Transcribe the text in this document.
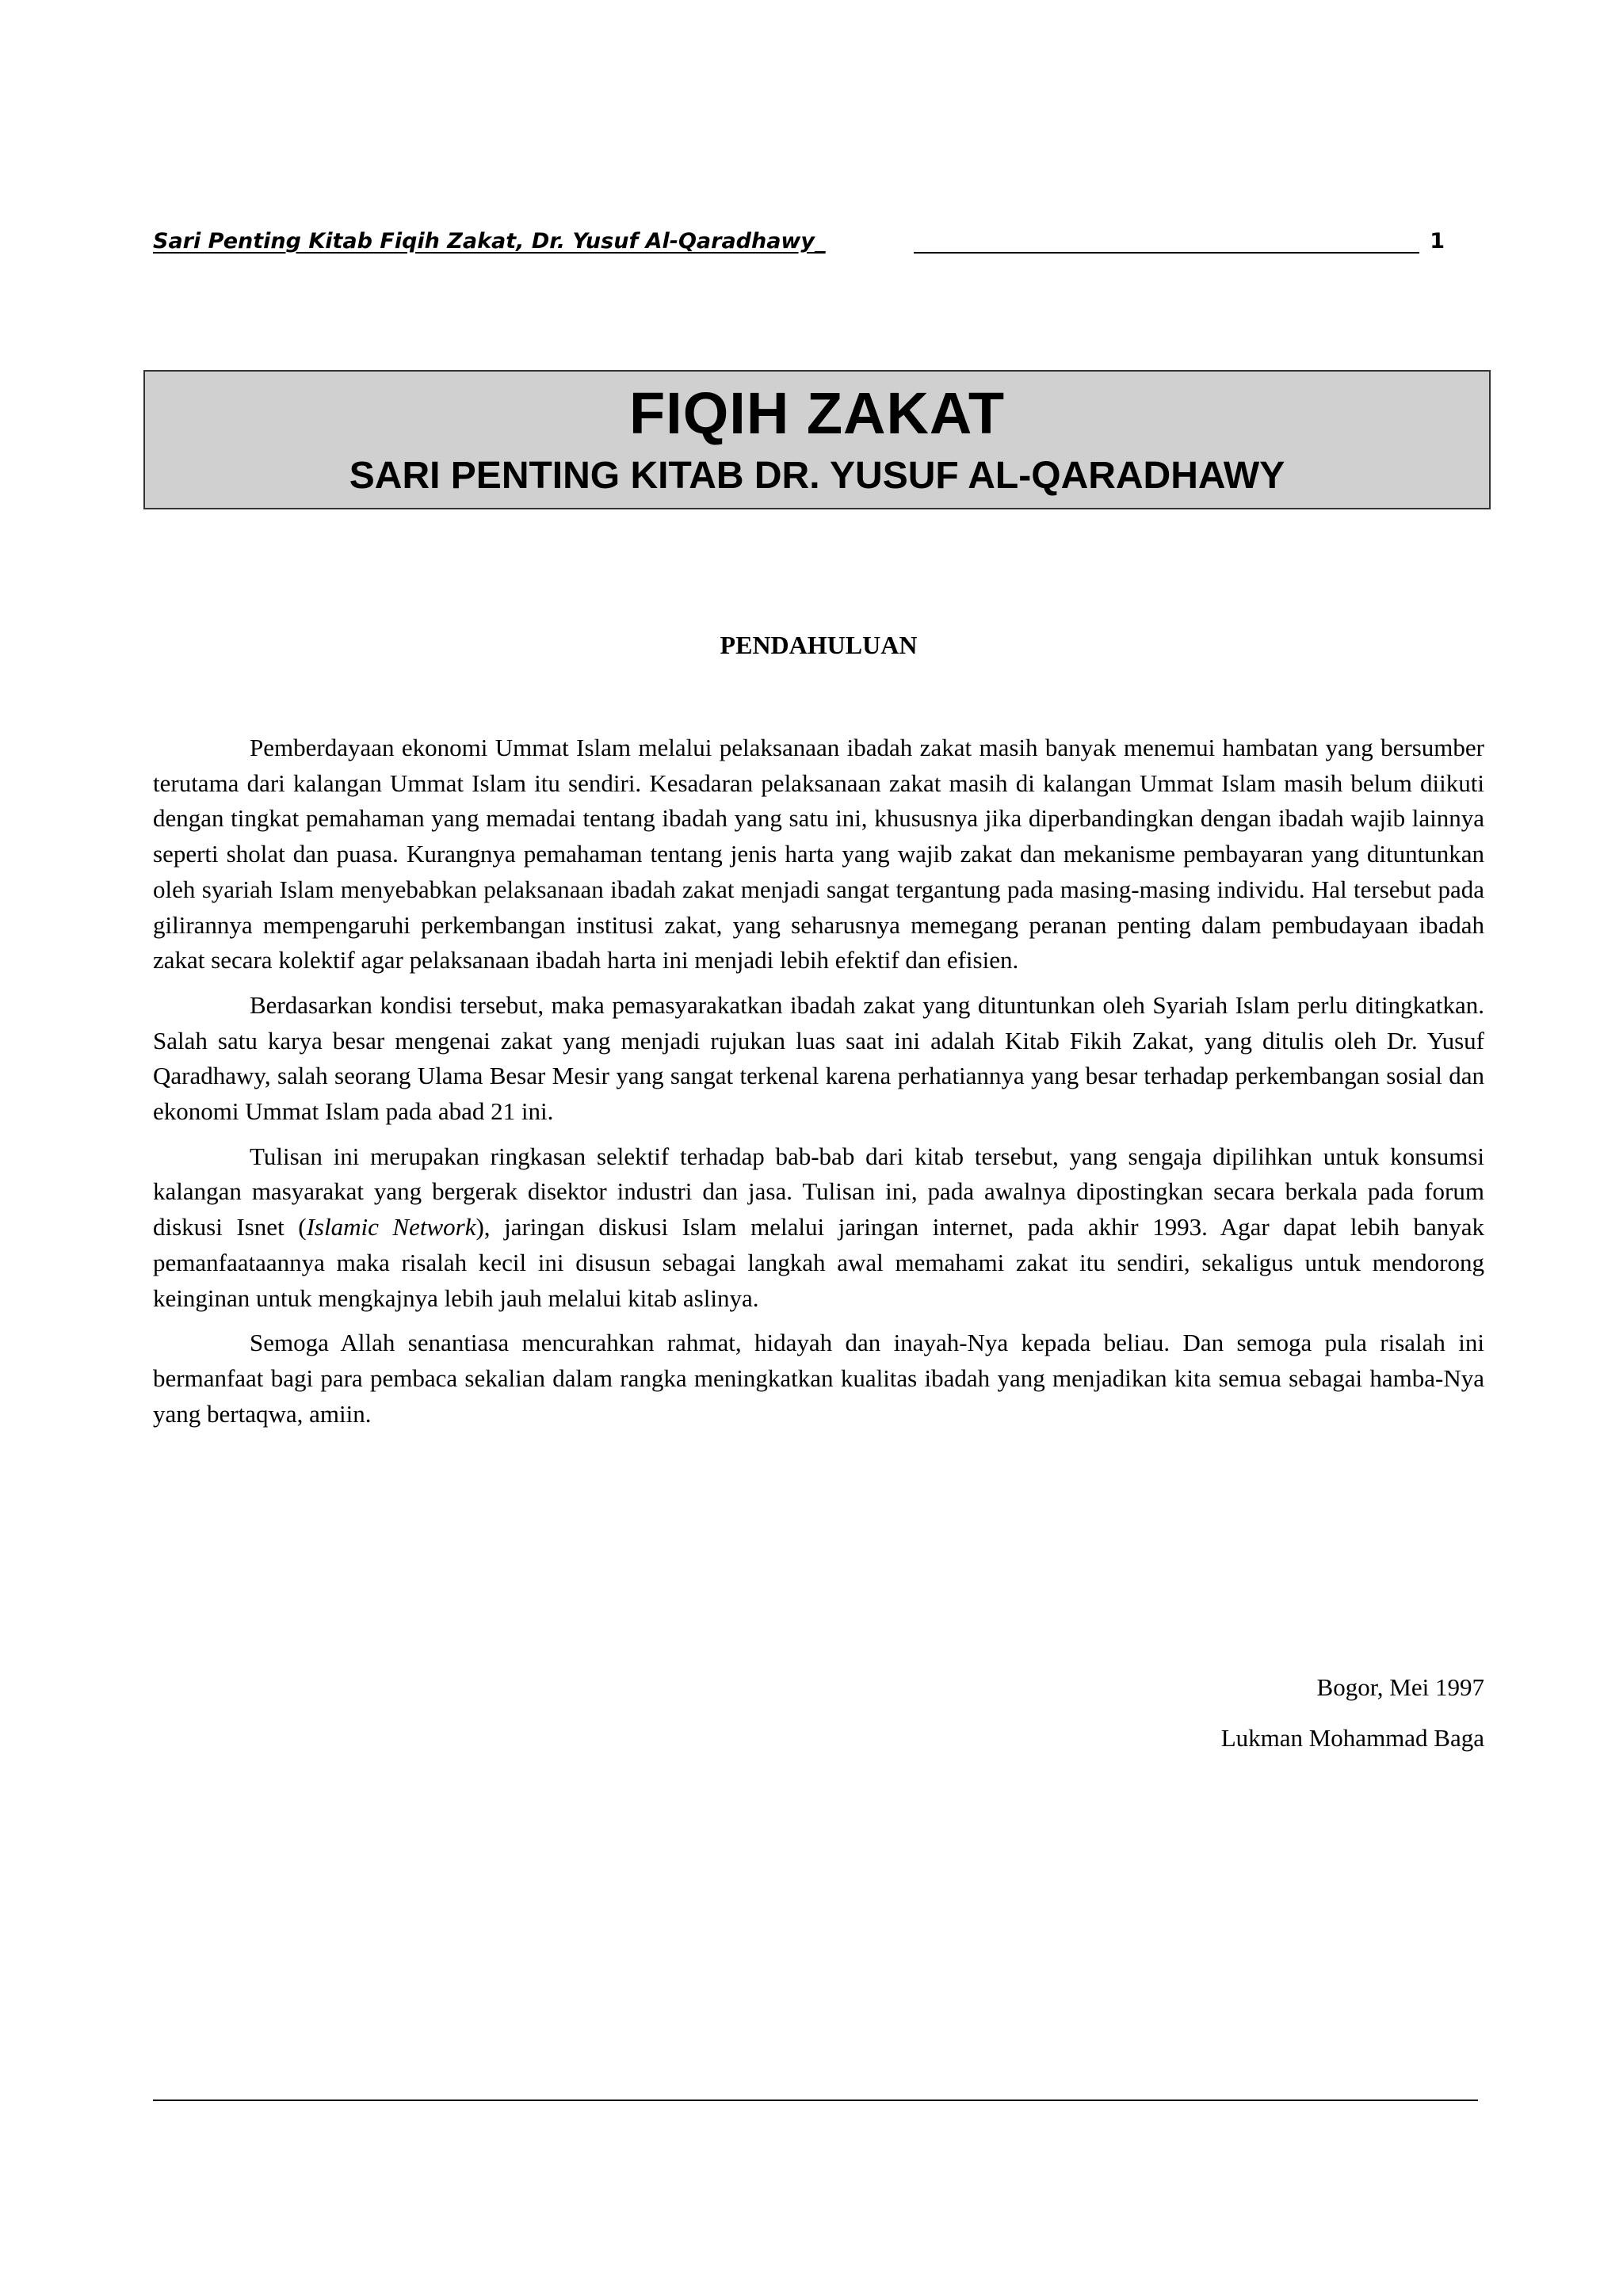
Sari Penting Kitab Fiqih Zakat, Dr. Yusuf Al-Qaradhawy_	1
FIQIH ZAKAT
SARI PENTING KITAB DR. YUSUF AL-QARADHAWY
PENDAHULUAN

Pemberdayaan ekonomi Ummat Islam melalui pelaksanaan ibadah zakat masih banyak menemui hambatan yang bersumber terutama dari kalangan Ummat Islam itu sendiri. Kesadaran pelaksanaan zakat masih di kalangan Ummat Islam masih belum diikuti dengan tingkat pemahaman yang memadai tentang ibadah yang satu ini, khususnya jika diperbandingkan dengan ibadah wajib lainnya seperti sholat dan puasa. Kurangnya pemahaman tentang jenis harta yang wajib zakat dan mekanisme pembayaran yang dituntunkan oleh syariah Islam menyebabkan pelaksanaan ibadah zakat menjadi sangat tergantung pada masing-masing individu. Hal tersebut pada gilirannya mempengaruhi perkembangan institusi zakat, yang seharusnya memegang peranan penting dalam pembudayaan ibadah zakat secara kolektif agar pelaksanaan ibadah harta ini menjadi lebih efektif dan efisien.

Berdasarkan kondisi tersebut, maka pemasyarakatkan ibadah zakat yang dituntunkan oleh Syariah Islam perlu ditingkatkan. Salah satu karya besar mengenai zakat yang menjadi rujukan luas saat ini adalah Kitab Fikih Zakat, yang ditulis oleh Dr. Yusuf Qaradhawy, salah seorang Ulama Besar Mesir yang sangat terkenal karena perhatiannya yang besar terhadap perkembangan sosial dan ekonomi Ummat Islam pada abad 21 ini.

Tulisan ini merupakan ringkasan selektif terhadap bab-bab dari kitab tersebut, yang sengaja dipilihkan untuk konsumsi kalangan masyarakat yang bergerak disektor industri dan jasa. Tulisan ini, pada awalnya dipostingkan secara berkala pada forum diskusi Isnet (Islamic Network), jaringan diskusi Islam melalui jaringan internet, pada akhir 1993. Agar dapat lebih banyak pemanfaataannya maka risalah kecil ini disusun sebagai langkah awal memahami zakat itu sendiri, sekaligus untuk mendorong keinginan untuk mengkajnya lebih jauh melalui kitab aslinya.

Semoga Allah senantiasa mencurahkan rahmat, hidayah dan inayah-Nya kepada beliau. Dan semoga pula risalah ini bermanfaat bagi para pembaca sekalian dalam rangka meningkatkan kualitas ibadah yang menjadikan kita semua sebagai hamba-Nya yang bertaqwa, amiin.

Bogor, Mei 1997
Lukman Mohammad Baga
